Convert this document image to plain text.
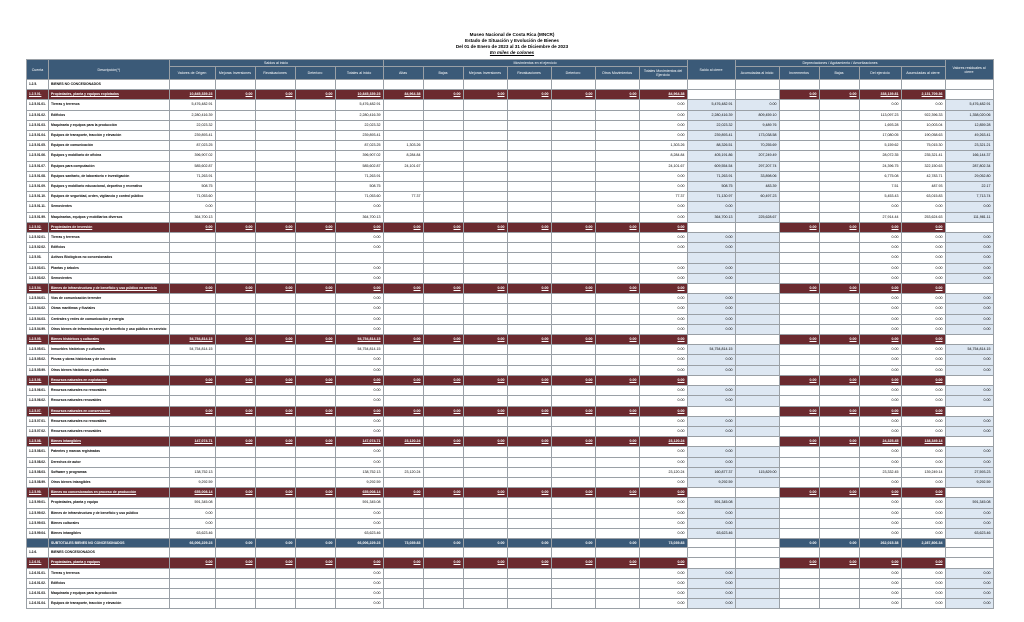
Museo Nacional de Costa Rica (MNCR)
Estado de Situación y Evolución de Bienes
Del 01 de Enero de 2023 al 31 de Diciembre de 2023
En miles de colones
Cuenta	Descripción(*)	Saldos al inicio					Movimientos en el ejercicio							Saldo al cierre	Depreciaciones / Agotamiento / Amortizaciones					Valores residuales al cierre
		Valores de Origen	Mejoras Inversiones	Revaluaciones	Deterioro	Totales al inicio	Altas	Bajas	Mejoras Inversiones	Revaluaciones	Deterioro	Otros Movimientos	Totales Movimientos del Ejercicio		Acumuladas al inicio	Incrementos	Bajas	Del ejercicio	Acumuladas al cierre	
1.2.5.	BIENES NO CONCESIONADOS																			
1.2.5.01.	Propiedades, planta y equipos explotados	10,845,339.23	0.00	0.00	0.00	10,845,339.23	84,964.38	0.00	0.00	0.00	0.00	0.00	84,964.38	10,930,303.61	1,802,269.29	0.00	0.00	338,139.81	2,131,709.36	8,818,593.71
1.2.5.01.01.	Tierras y terrenos	5,476,482.91				5,476,482.91							0.00	5,476,482.91	0.00			0.00	0.00	5,476,482.91
1.2.5.01.02.	Edificios	2,280,416.39				2,280,416.39							0.00	2,280,416.39	809,459.10			113,097.23	922,396.33	1,358,020.06
1.2.5.01.03.	Maquinaria y equipos para la producción	22,023.32				22,023.32							0.00	22,023.32	9,489.76			1,693.28	10,003.04	12,859.28
1.2.5.01.04.	Equipos de transporte, tracción y elevación	239,893.41				239,893.41							0.00	239,893.41	173,038.58			17,080.05	190,058.63	49,263.41
1.2.5.01.05.	Equipos de comunicación	87,023.25				87,023.25	1,303.26						1,303.26	88,326.51	70,255.69			5,159.62	75,015.30	23,321.21
1.2.5.01.06.	Equipos y mobiliario de oficina	396,907.02				396,907.02	8,284.84						8,284.84	405,191.86	207,249.49			28,072.35	235,321.41	166,144.37
1.2.5.01.07.	Equipos para computación	585,602.87				585,602.87	24,101.67						24,101.67	609,554.54	297,207.74			24,396.75	322,150.63	287,802.34
1.2.5.01.08.	Equipos sanitario, de laboratorio e investigación	71,263.91				71,263.91							0.00	71,263.91	33,898.06			6,775.08	42,783.71	29,052.80
1.2.5.01.09.	Equipos y mobiliario educacional, deportivo y recreativo	508.75				508.75							0.00	508.75	483.39			7.51	487.93	22.17
1.2.5.01.10.	Equipos de seguridad, orden, vigilancia y control público	71,053.60				71,053.60	77.37						77.37	71,130.97	60,497.23			5,453.43	63,015.83	7,713.74
1.2.5.01.11.	Semovientes	0.00				0.00							0.00	0.00				0.00	0.00	0.00
1.2.5.01.99.	Maquinarias, equipos y mobiliarios diversos	364,700.13				364,700.13							0.00	364,700.13	225,628.67			27,914.44	253,624.63	111,981.11
1.2.5.02.	Propiedades de inversión	0.00	0.00	0.00	0.00	0.00	0.00	0.00	0.00	0.00	0.00	0.00	0.00	0.00	0.00	0.00	0.00	0.00	0.00	0.00
1.2.5.02.01.	Tierras y terrenos					0.00							0.00	0.00				0.00	0.00	0.00
1.2.5.02.02.	Edificios					0.00							0.00	0.00				0.00	0.00	0.00
1.2.5.03.	Activos Biológicos no concesionados																	0.00	0.00	0.00
1.2.5.03.01.	Plantas y árboles					0.00							0.00	0.00				0.00	0.00	0.00
1.2.5.03.02.	Semovientes					0.00							0.00	0.00				0.00	0.00	0.00
1.2.5.04.	Bienes de infraestructura y de beneficio y uso público en servicio	0.00	0.00	0.00	0.00	0.00	0.00	0.00	0.00	0.00	0.00	0.00	0.00	0.00	0.00	0.00	0.00	0.00	0.00	0.00
1.2.5.04.01.	Vías de comunicación terrestre					0.00							0.00	0.00				0.00	0.00	0.00
1.2.5.04.02.	Obras marítimas y fluviales					0.00							0.00	0.00				0.00	0.00	0.00
1.2.5.04.03.	Centrales y redes de comunicación y energía					0.00							0.00	0.00				0.00	0.00	0.00
1.2.5.04.99.	Otros bienes de infraestructura y de beneficio y uso público en servicio					0.00							0.00	0.00				0.00	0.00	0.00
1.2.5.05.	Bienes históricos y culturales	54,754,814.15	0.00	0.00	0.00	54,754,814.15	0.00	0.00	0.00	0.00	0.00	0.00	0.00	54,754,814.15	0.00	0.00	0.00	0.00	0.00	54,754,814.15
1.2.5.05.01.	Inmuebles históricos y culturales	54,754,814.15				54,754,814.15							0.00	54,754,814.15				0.00	0.00	54,754,814.15
1.2.5.05.02.	Piezas y obras históricas y de colección					0.00							0.00	0.00				0.00	0.00	0.00
1.2.5.05.99.	Otros bienes históricos y culturales					0.00							0.00	0.00				0.00	0.00	0.00
1.2.5.06.	Recursos naturales en explotación	0.00	0.00	0.00	0.00	0.00	0.00	0.00	0.00	0.00	0.00	0.00	0.00	0.00	0.00	0.00	0.00	0.00	0.00	0.00
1.2.5.06.01.	Recursos naturales no renovables					0.00							0.00	0.00				0.00	0.00	0.00
1.2.5.06.02.	Recursos naturales renovables					0.00							0.00	0.00				0.00	0.00	0.00
1.2.5.07.	Recursos naturales en conservación	0.00	0.00	0.00	0.00	0.00	0.00	0.00	0.00	0.00	0.00	0.00	0.00	0.00	0.00	0.00	0.00	0.00	0.00	0.00
1.2.5.07.01.	Recursos naturales no renovables					0.00							0.00	0.00				0.00	0.00	0.00
1.2.5.07.02.	Recursos naturales renovables					0.00							0.00	0.00				0.00	0.00	0.00
1.2.5.08.	Bienes intangibles	147,074.71	0.00	0.00	0.00	147,074.71	23,120.24	0.00	0.00	0.00	0.00	0.00	23,120.24	170,195.03	116,020.30	0.00	0.00	24,325.45	138,349.14	32,089.35
1.2.5.08.01.	Patentes y marcas registradas					0.00							0.00	0.00				0.00	0.00	0.00
1.2.5.08.02.	Derechos de autor					0.00							0.00	0.00				0.00	0.00	0.00
1.2.5.08.03.	Software y programas	138,752.13				138,752.13	23,120.24						23,120.24	160,877.37	115,829.00			23,332.45	139,249.14	27,593.23
1.2.5.08.99.	Otros bienes intangibles	9,292.59				9,292.59							0.00	9,292.59				0.00	0.00	9,292.59
1.2.5.99.	Bienes no concesionados en proceso de producción	655,008.14	0.00	0.00	0.00	655,008.14	0.00	0.00	0.00	0.00	0.00	0.00	0.00	655,008.14	0.00	0.00	0.00	0.00	0.00	655,008.14
1.2.5.99.01.	Propiedades, planta y equipo	591,345.08				591,345.08							0.00	591,345.08				0.00	0.00	591,345.08
1.2.5.99.02.	Bienes de infraestructura y de beneficio y uso público	0.00				0.00							0.00	0.00				0.00	0.00	0.00
1.2.5.99.03.	Bienes culturales	0.00				0.00							0.00	0.00				0.00	0.00	0.00
1.2.5.99.04.	Bienes intangibles	63,623.46				63,623.46							0.00	63,623.46				0.00	0.00	63,623.46
	SUBTOTALES BIENES NO CONCESIONADOS	66,006,229.23	0.00	0.00	0.00	66,006,229.23	73,039.83	0.00	0.00	0.00	0.00	0.00	73,039.83	66,086,299.88	2,004,539.89	0.00	0.00	262,015.38	2,287,806.34	63,880,212.74
1.2.6.	BIENES CONCESIONADOS																			
1.2.6.01.	Propiedades, planta y equipos	0.00	0.00	0.00	0.00	0.00	0.00	0.00	0.00	0.00	0.00	0.00	0.00	0.00	0.00	0.00	0.00	0.00	0.00	0.00
1.2.6.01.01.	Tierras y terrenos					0.00							0.00	0.00				0.00	0.00	0.00
1.2.6.01.02.	Edificios					0.00							0.00	0.00				0.00	0.00	0.00
1.2.6.01.03.	Maquinaria y equipos para la producción					0.00							0.00	0.00				0.00	0.00	0.00
1.2.6.01.04.	Equipos de transporte, tracción y elevación					0.00							0.00	0.00				0.00	0.00	0.00
